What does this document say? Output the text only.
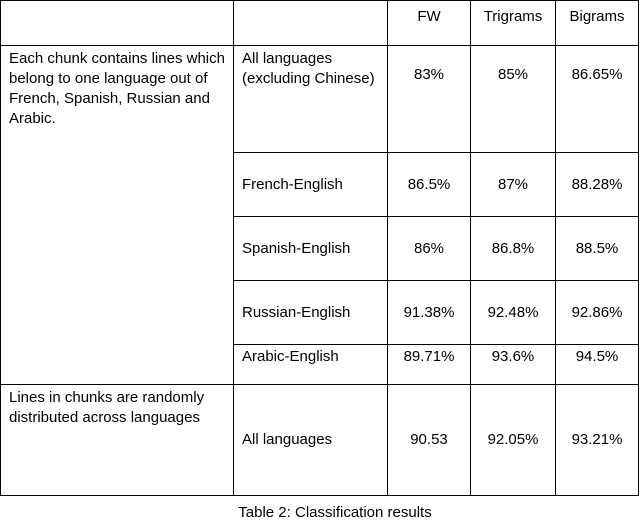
		FW	Trigrams	Bigrams
Each chunk contains lines which belong to one language out of French, Spanish, Russian and Arabic.	All languages (excluding Chinese)	83%	85%	86.65%
	French-English	86.5%	87%	88.28%
	Spanish-English	86%	86.8%	88.5%
	Russian-English	91.38%	92.48%	92.86%
	Arabic-English	89.71%	93.6%	94.5%
Lines in chunks are randomly distributed across languages	All languages	90.53	92.05%	93.21%
Table 2: Classification results
